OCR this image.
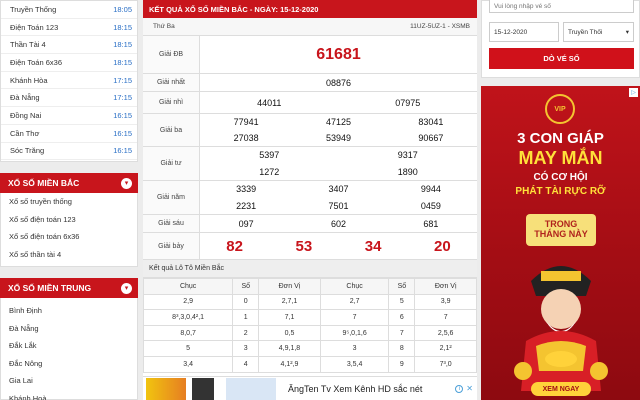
Truyền Thống	18:05
Điện Toán 123	18:15
Thần Tài 4	18:15
Điện Toán 6x36	18:15
Khánh Hòa	17:15
Đà Nẵng	17:15
Đồng Nai	16:15
Cần Thơ	16:15
Sóc Trăng	16:15
XỔ SỐ MIỀN BẮC	▾
Xổ số truyền thống
Xổ số điện toán 123
Xổ số điện toán 6x36
Xổ số thần tài 4
XỔ SỐ MIỀN TRUNG	▾
Bình Định
Đà Nẵng
Đắk Lắk
Đắc Nông
Gia Lai
Khánh Hoà
KẾT QUẢ XỔ SỐ MIỀN BẮC - NGÀY: 15-12-2020
Thứ Ba	11UZ-5UZ-1 - XSMB
Giải ĐB	61681
Giải nhất	08876
Giải nhì	44011	07975
Giải ba
77941	47125	83041
27038	53949	90667
Giải tư
5397	9317
1272	1890
Giải năm
3339	3407	9944
2231	7501	0459
Giải sáu	097	602	681
Giải bảy	82	53	34	20
Kết quả Lô Tô Miền Bắc
Chục	Số	Đơn Vị	Chục	Số	Đơn Vị
2,9	0	2,7,1	2,7	5	3,9
8³,3,0,4²,1	1	7,1	7	6	7
8,0,7	2	0,5	9⁵,0,1,6	7	2,5,6
5	3	4,9,1,8	3	8	2,1²
3,4	4	4,1²,9	3,5,4	9	7³,0
ĂngTen Tv Xem Kênh HD sắc nét	i ✕
Vui lòng nhập vé số
15-12-2020	Truyền Thối	▾
DÒ VÉ SỐ
▷
VIP
3 CON GIÁP
MAY MẮN
CÓ CƠ HỘI
PHÁT TÀI RỰC RỠ
TRONG
THÁNG NÀY
XEM NGAY
